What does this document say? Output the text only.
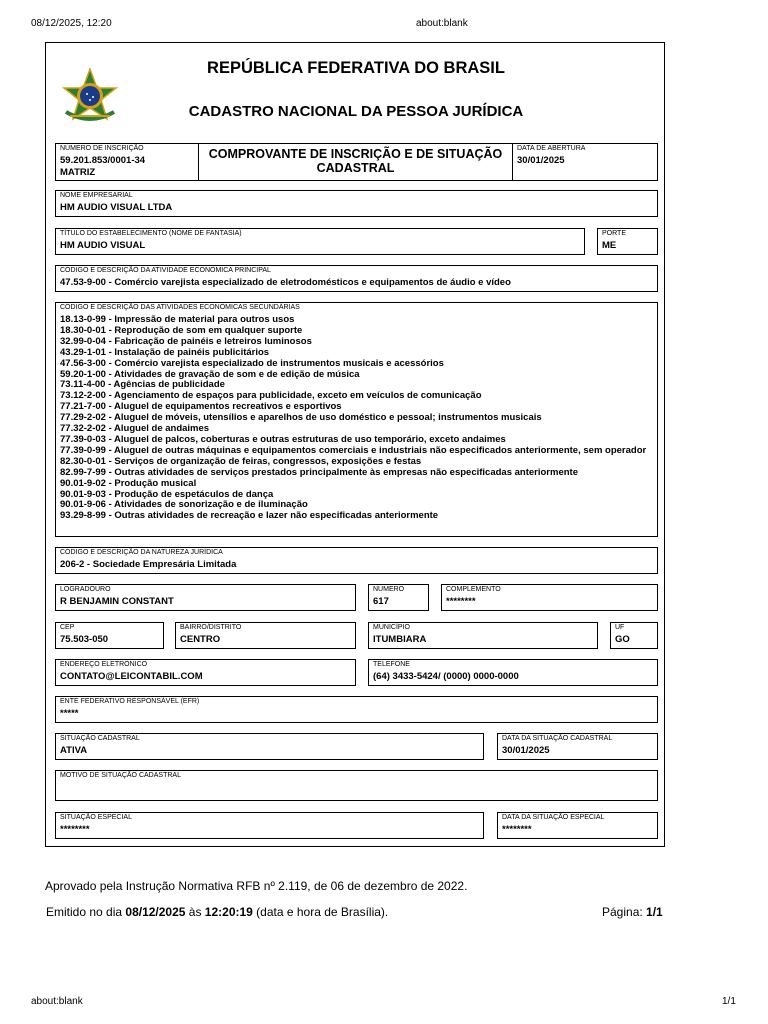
08/12/2025, 12:20	about:blank
about:blank	1/1
REPÚBLICA FEDERATIVA DO BRASIL
CADASTRO NACIONAL DA PESSOA JURÍDICA
NÚMERO DE INSCRIÇÃO
59.201.853/0001-34
MATRIZ
COMPROVANTE DE INSCRIÇÃO E DE SITUAÇÃO CADASTRAL
DATA DE ABERTURA
30/01/2025
NOME EMPRESARIAL
HM AUDIO VISUAL LTDA
TÍTULO DO ESTABELECIMENTO (NOME DE FANTASIA)
HM AUDIO VISUAL
PORTE
ME
CÓDIGO E DESCRIÇÃO DA ATIVIDADE ECONÔMICA PRINCIPAL
47.53-9-00 - Comércio varejista especializado de eletrodomésticos e equipamentos de áudio e vídeo
CÓDIGO E DESCRIÇÃO DAS ATIVIDADES ECONÔMICAS SECUNDÁRIAS
18.13-0-99 - Impressão de material para outros usos
18.30-0-01 - Reprodução de som em qualquer suporte
32.99-0-04 - Fabricação de painéis e letreiros luminosos
43.29-1-01 - Instalação de painéis publicitários
47.56-3-00 - Comércio varejista especializado de instrumentos musicais e acessórios
59.20-1-00 - Atividades de gravação de som e de edição de música
73.11-4-00 - Agências de publicidade
73.12-2-00 - Agenciamento de espaços para publicidade, exceto em veículos de comunicação
77.21-7-00 - Aluguel de equipamentos recreativos e esportivos
77.29-2-02 - Aluguel de móveis, utensílios e aparelhos de uso doméstico e pessoal; instrumentos musicais
77.32-2-02 - Aluguel de andaimes
77.39-0-03 - Aluguel de palcos, coberturas e outras estruturas de uso temporário, exceto andaimes
77.39-0-99 - Aluguel de outras máquinas e equipamentos comerciais e industriais não especificados anteriormente, sem operador
82.30-0-01 - Serviços de organização de feiras, congressos, exposições e festas
82.99-7-99 - Outras atividades de serviços prestados principalmente às empresas não especificadas anteriormente
90.01-9-02 - Produção musical
90.01-9-03 - Produção de espetáculos de dança
90.01-9-06 - Atividades de sonorização e de iluminação
93.29-8-99 - Outras atividades de recreação e lazer não especificadas anteriormente
CÓDIGO E DESCRIÇÃO DA NATUREZA JURÍDICA
206-2 - Sociedade Empresária Limitada
LOGRADOURO
R BENJAMIN CONSTANT
NÚMERO
617
COMPLEMENTO
********
CEP
75.503-050
BAIRRO/DISTRITO
CENTRO
MUNICÍPIO
ITUMBIARA
UF
GO
ENDEREÇO ELETRÔNICO
CONTATO@LEICONTABIL.COM
TELEFONE
(64) 3433-5424/ (0000) 0000-0000
ENTE FEDERATIVO RESPONSÁVEL (EFR)
*****
SITUAÇÃO CADASTRAL
ATIVA
DATA DA SITUAÇÃO CADASTRAL
30/01/2025
MOTIVO DE SITUAÇÃO CADASTRAL
SITUAÇÃO ESPECIAL
********
DATA DA SITUAÇÃO ESPECIAL
********
Aprovado pela Instrução Normativa RFB nº 2.119, de 06 de dezembro de 2022.
Emitido no dia 08/12/2025 às 12:20:19 (data e hora de Brasília).	Página: 1/1
